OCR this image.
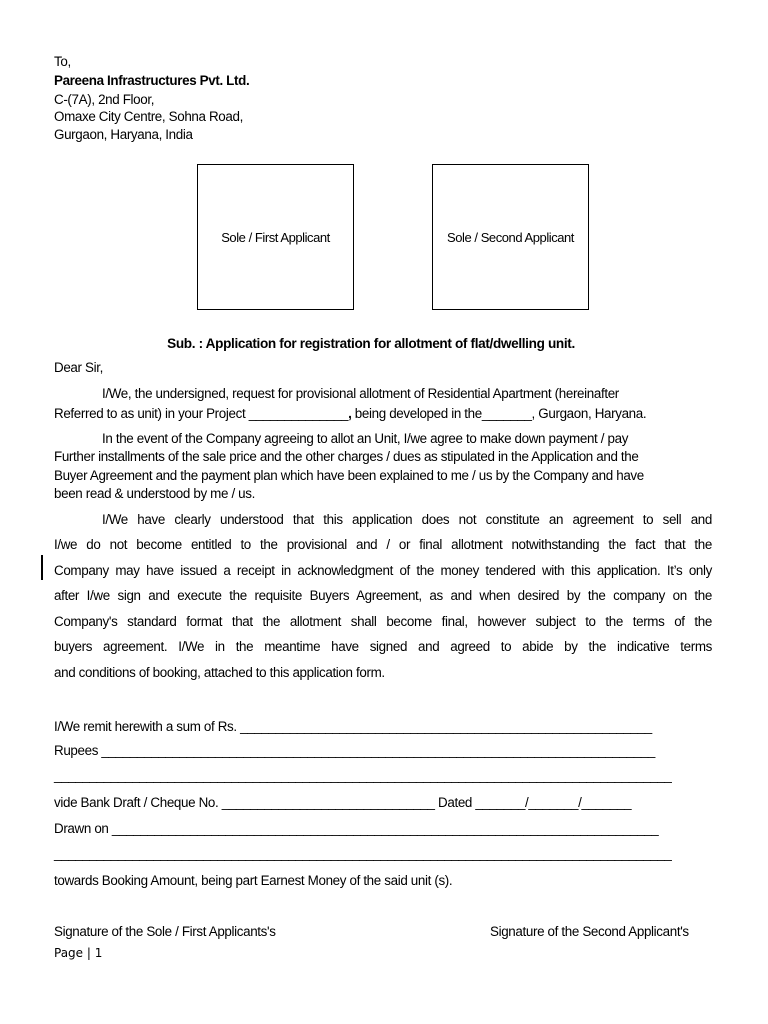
To,
Pareena Infrastructures Pvt. Ltd.
C-(7A), 2nd Floor,
Omaxe City Centre, Sohna Road,
Gurgaon, Haryana, India
Sole / First Applicant	Sole / Second Applicant
Sub. : Application for registration for allotment of flat/dwelling unit.
Dear Sir,
I/We, the undersigned, request for provisional allotment of Residential Apartment (hereinafter
Referred to as unit) in your Project ______________, being developed in the_______, Gurgaon, Haryana.
In the event of the Company agreeing to allot an Unit, I/we agree to make down payment / pay
Further installments of the sale price and the other charges / dues as stipulated in the Application and the
Buyer Agreement and the payment plan which have been explained to me / us by the Company and have
been read & understood by me / us.
I/We have clearly understood that this application does not constitute an agreement to sell and
I/we do not become entitled to the provisional and / or final allotment notwithstanding the fact that the
Company may have issued a receipt in acknowledgment of the money tendered with this application. It’s only
after I/we sign and execute the requisite Buyers Agreement, as and when desired by the company on the
Company's standard format that the allotment shall become final, however subject to the terms of the
buyers agreement. I/We in the meantime have signed and agreed to abide by the indicative terms
and conditions of booking, attached to this application form.
I/We remit herewith a sum of Rs. __________________________________________________________
Rupees ______________________________________________________________________________
_______________________________________________________________________________________
vide Bank Draft / Cheque No. ______________________________ Dated _______/_______/_______
Drawn on _____________________________________________________________________________
_______________________________________________________________________________________
towards Booking Amount, being part Earnest Money of the said unit (s).
Signature of the Sole / First Applicants's	Signature of the Second Applicant's
Page | 1
